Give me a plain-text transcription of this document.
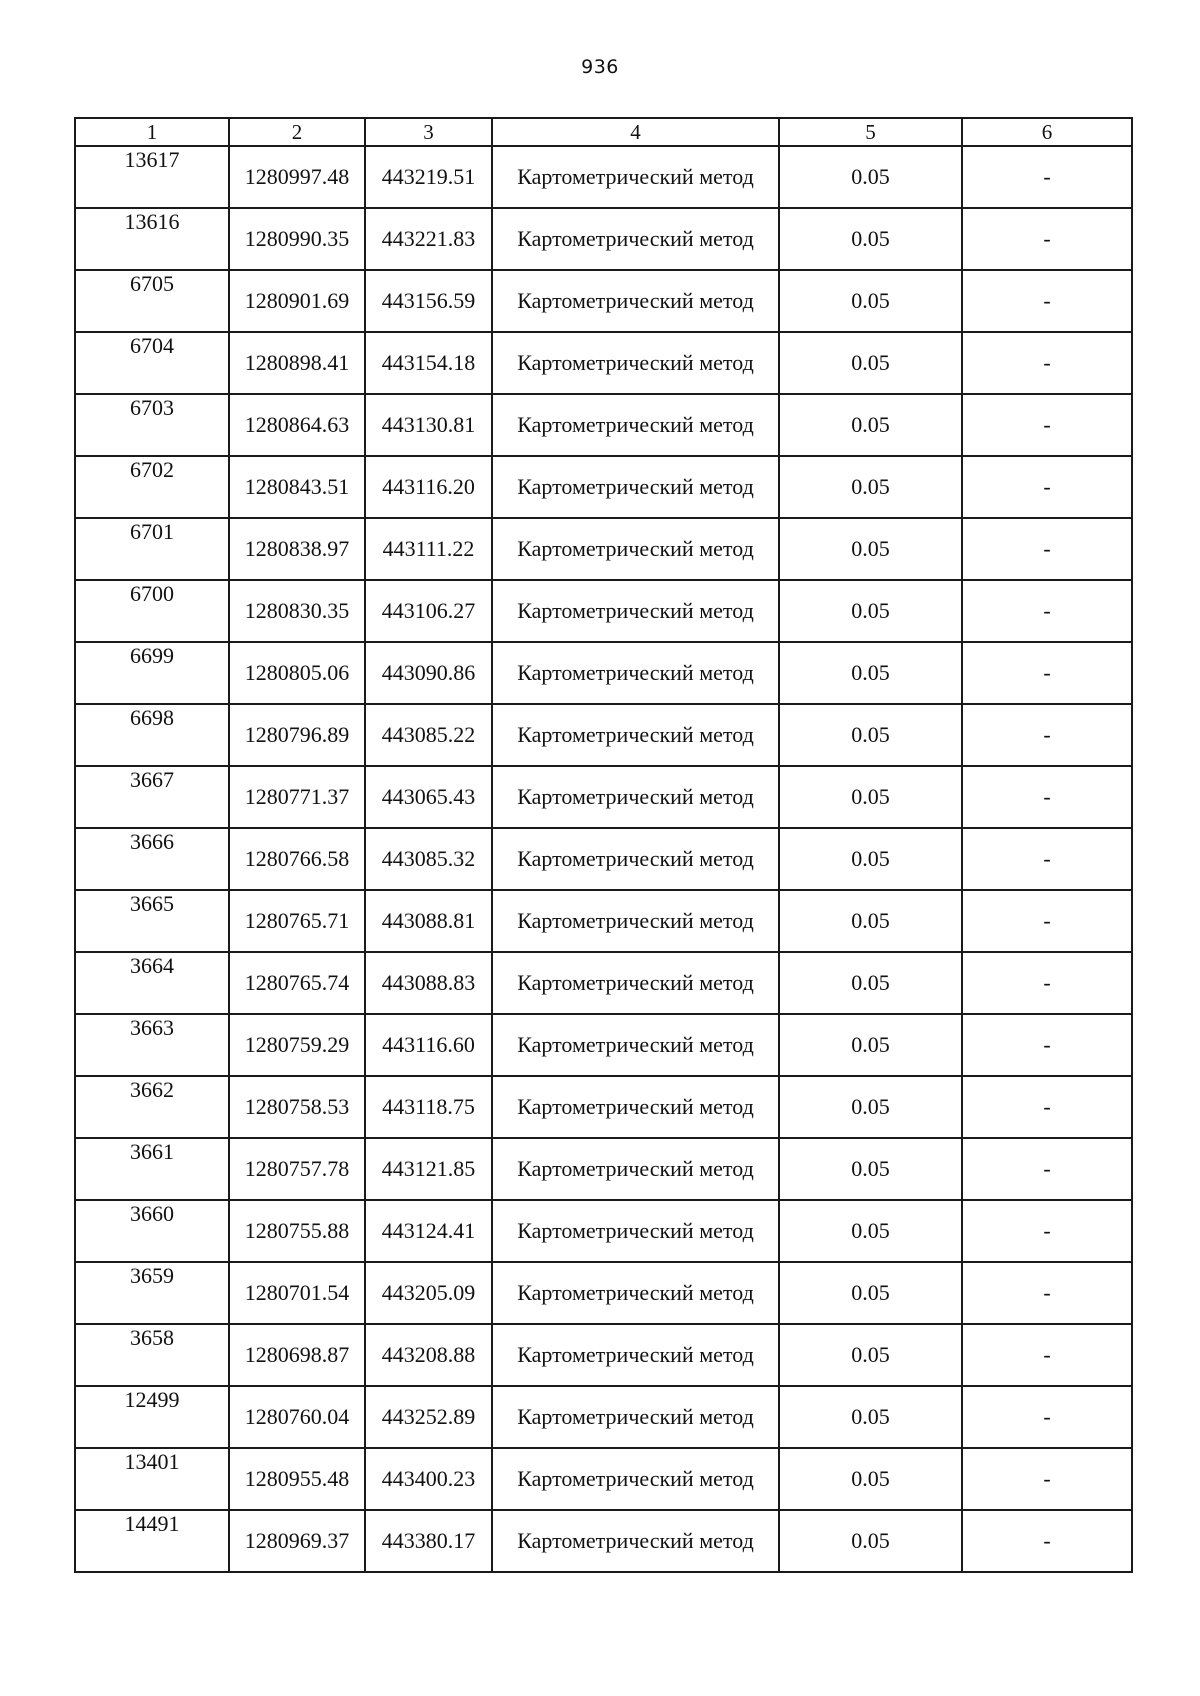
936
1	2	3	4	5	6
13617	1280997.48	443219.51	Картометрический метод	0.05	-
13616	1280990.35	443221.83	Картометрический метод	0.05	-
6705	1280901.69	443156.59	Картометрический метод	0.05	-
6704	1280898.41	443154.18	Картометрический метод	0.05	-
6703	1280864.63	443130.81	Картометрический метод	0.05	-
6702	1280843.51	443116.20	Картометрический метод	0.05	-
6701	1280838.97	443111.22	Картометрический метод	0.05	-
6700	1280830.35	443106.27	Картометрический метод	0.05	-
6699	1280805.06	443090.86	Картометрический метод	0.05	-
6698	1280796.89	443085.22	Картометрический метод	0.05	-
3667	1280771.37	443065.43	Картометрический метод	0.05	-
3666	1280766.58	443085.32	Картометрический метод	0.05	-
3665	1280765.71	443088.81	Картометрический метод	0.05	-
3664	1280765.74	443088.83	Картометрический метод	0.05	-
3663	1280759.29	443116.60	Картометрический метод	0.05	-
3662	1280758.53	443118.75	Картометрический метод	0.05	-
3661	1280757.78	443121.85	Картометрический метод	0.05	-
3660	1280755.88	443124.41	Картометрический метод	0.05	-
3659	1280701.54	443205.09	Картометрический метод	0.05	-
3658	1280698.87	443208.88	Картометрический метод	0.05	-
12499	1280760.04	443252.89	Картометрический метод	0.05	-
13401	1280955.48	443400.23	Картометрический метод	0.05	-
14491	1280969.37	443380.17	Картометрический метод	0.05	-
